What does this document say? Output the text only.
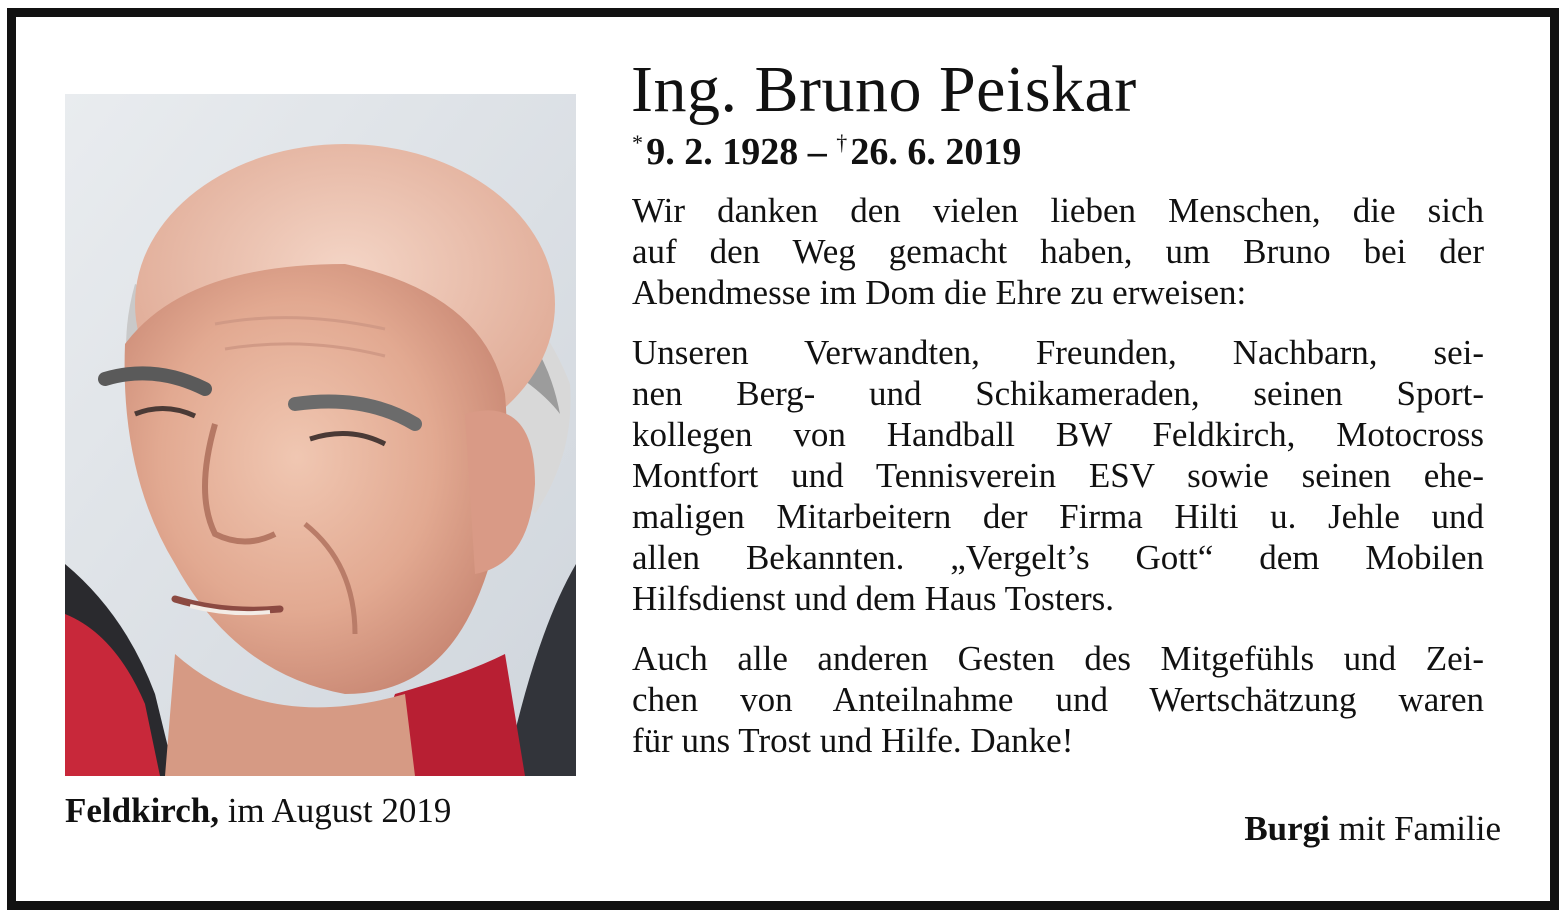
Feldkirch, im August 2019
Ing. Bruno Peiskar
* 9. 2. 1928 – † 26. 6. 2019

Wir danken den vielen lieben Menschen, die sich
auf den Weg gemacht haben, um Bruno bei der
Abendmesse im Dom die Ehre zu erweisen:

Unseren Verwandten, Freunden, Nachbarn, sei-
nen Berg- und Schikameraden, seinen Sport-
kollegen von Handball BW Feldkirch, Motocross
Montfort und Tennisverein ESV sowie seinen ehe-
maligen Mitarbeitern der Firma Hilti u. Jehle und
allen Bekannten. „Vergelt’s Gott“ dem Mobilen
Hilfsdienst und dem Haus Tosters.

Auch alle anderen Gesten des Mitgefühls und Zei-
chen von Anteilnahme und Wertschätzung waren
für uns Trost und Hilfe. Danke!

Burgi mit Familie
